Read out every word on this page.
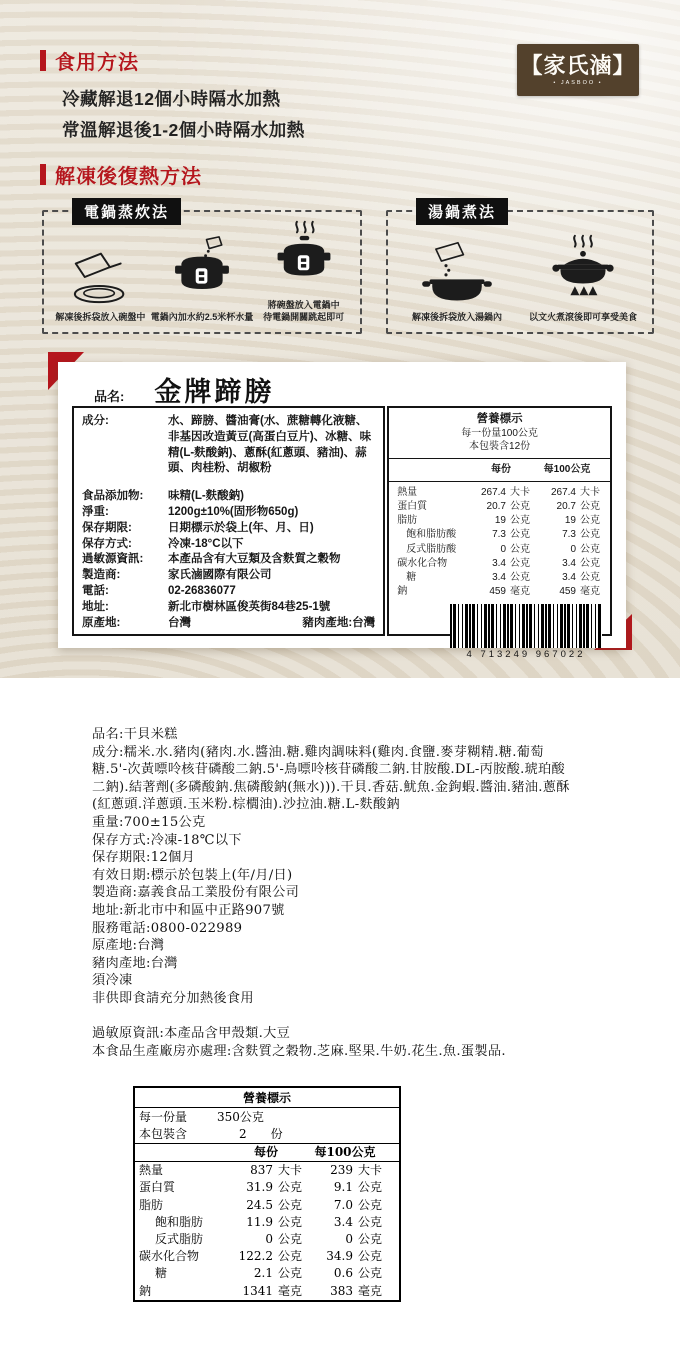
食用方法	【家氏滷】
• JASBOO •
冷藏解退12個小時隔水加熱
常溫解退後1-2個小時隔水加熱
解凍後復熱方法
電鍋蒸炊法
解凍後拆袋放入碗盤中 電鍋內加水約2.5米杯水量
將碗盤放入電鍋中
待電鍋開關跳起即可
湯鍋煮法
解凍後拆袋放入湯鍋內	以文火煮滾後即可享受美食
品名: 金牌蹄膀
成分:	水、蹄膀、醬油膏(水、蔗糖轉化液糖、非基因改造黃豆(高蛋白豆片)、冰糖、味精(L-麩酸鈉)、蔥酥(紅蔥頭、豬油)、蒜頭、肉桂粉、胡椒粉
食品添加物:	味精(L-麩酸鈉)
淨重:	1200g±10%(固形物650g)
保存期限:	日期標示於袋上(年、月、日)
保存方式:	冷凍-18°C以下
過敏源資訊:	本產品含有大豆類及含麩質之穀物
製造商:	家氏滷國際有限公司
電話:	02-26836077
地址:	新北市樹林區俊英街84巷25-1號
原產地:	台灣	豬肉產地:台灣
營養標示
每一份量100公克
本包裝含12份
每份	每100公克
熱量	267.4 大卡	267.4 大卡
蛋白質	20.7 公克	20.7 公克
脂肪	19 公克	19 公克
飽和脂肪酸	7.3 公克	7.3 公克
反式脂肪酸	0 公克	0 公克
碳水化合物	3.4 公克	3.4 公克
糖	3.4 公克	3.4 公克
鈉	459 毫克	459 毫克
4 713249 967022
品名:干貝米糕
成分:糯米.水.豬肉(豬肉.水.醬油.糖.雞肉調味料(雞肉.食鹽.麥芽糊精.糖.葡萄糖.5'-次黃嘌呤核苷磷酸二鈉.5'-鳥嘌呤核苷磷酸二鈉.甘胺酸.DL-丙胺酸.琥珀酸二鈉).結著劑(多磷酸鈉.焦磷酸鈉(無水))).干貝.香菇.魷魚.金鉤蝦.醬油.豬油.蔥酥(紅蔥頭.洋蔥頭.玉米粉.棕櫚油).沙拉油.糖.L-麩酸鈉
重量:700±15公克
保存方式:冷凍-18℃以下
保存期限:12個月
有效日期:標示於包裝上(年/月/日)
製造商:嘉義食品工業股份有限公司
地址:新北市中和區中正路907號
服務電話:0800-022989
原產地:台灣
豬肉產地:台灣
須冷凍
非供即食請充分加熱後食用
過敏原資訊:本產品含甲殼類.大豆
本食品生產廠房亦處理:含麩質之穀物.芝麻.堅果.牛奶.花生.魚.蛋製品.
營養標示
每一份量	350公克
本包裝含	2 份
每份	每100公克
熱量	837 大卡	239 大卡
蛋白質	31.9 公克	9.1 公克
脂肪	24.5 公克	7.0 公克
飽和脂肪	11.9 公克	3.4 公克
反式脂肪	0 公克	0 公克
碳水化合物	122.2 公克	34.9 公克
糖	2.1 公克	0.6 公克
鈉	1341 毫克	383 毫克
